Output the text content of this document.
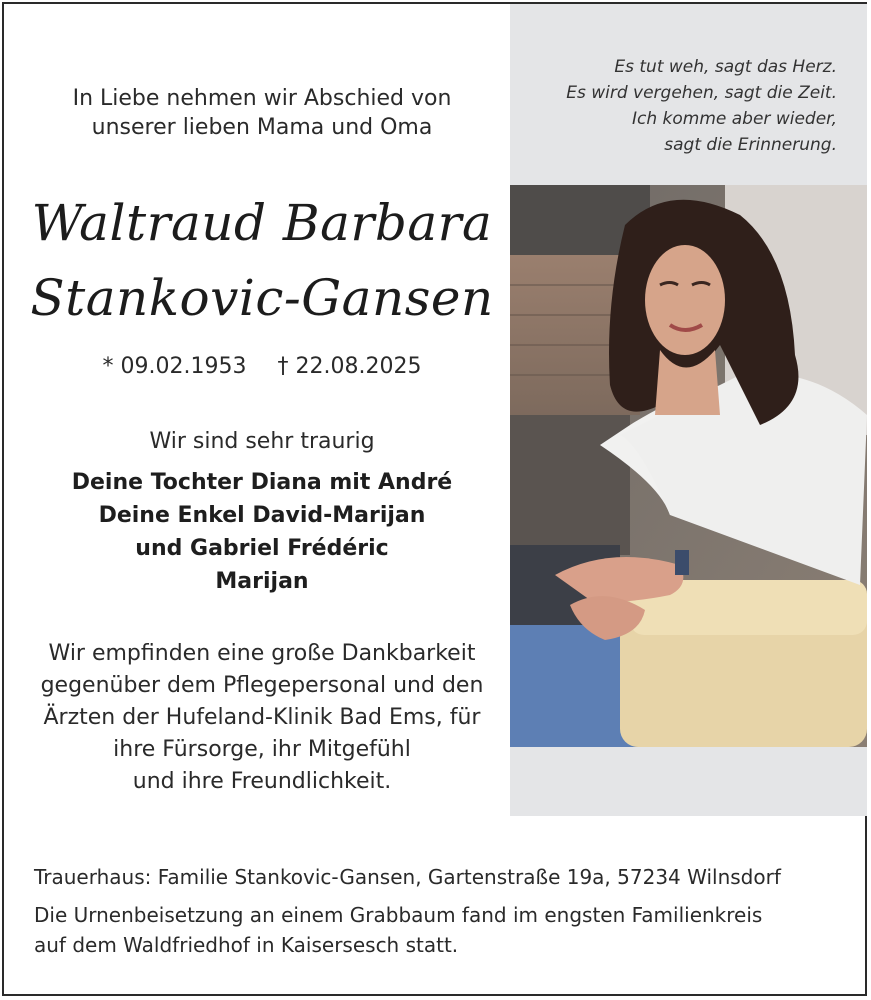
Es tut weh, sagt das Herz.
Es wird vergehen, sagt die Zeit.
Ich komme aber wieder,
sagt die Erinnerung.
In Liebe nehmen wir Abschied von
unserer lieben Mama und Oma
Waltraud Barbara
Stankovic-Gansen
* 09.02.1953 † 22.08.2025
Wir sind sehr traurig
Deine Tochter Diana mit André
Deine Enkel David-Marijan
und Gabriel Frédéric
Marijan
Wir empfinden eine große Dankbarkeit
gegenüber dem Pflegepersonal und den
Ärzten der Hufeland-Klinik Bad Ems, für
ihre Fürsorge, ihr Mitgefühl
und ihre Freundlichkeit.
Trauerhaus: Familie Stankovic-Gansen, Gartenstraße 19a, 57234 Wilnsdorf
Die Urnenbeisetzung an einem Grabbaum fand im engsten Familienkreis
auf dem Waldfriedhof in Kaisersesch statt.
